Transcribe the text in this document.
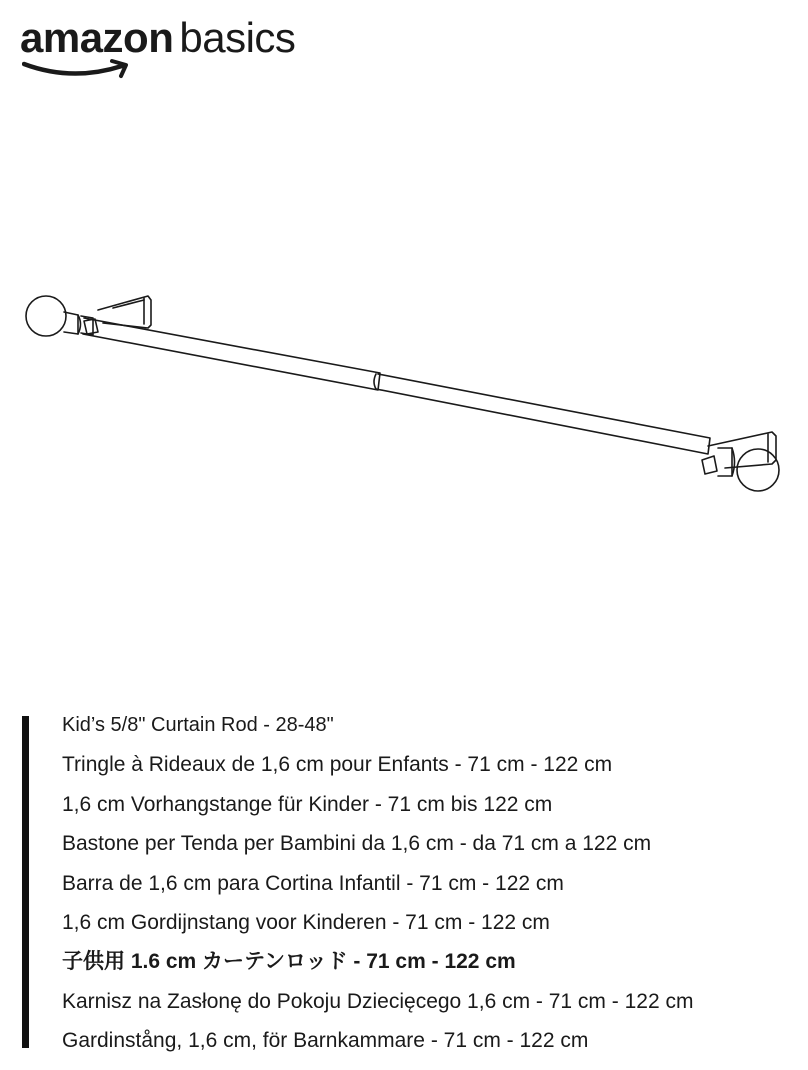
amazon basics
Kid’s 5/8" Curtain Rod - 28-48"
Tringle à Rideaux de 1,6 cm pour Enfants - 71 cm - 122 cm
1,6 cm Vorhangstange für Kinder - 71 cm bis 122 cm
Bastone per Tenda per Bambini da 1,6 cm - da 71 cm a 122 cm
Barra de 1,6 cm para Cortina Infantil - 71 cm - 122 cm
1,6 cm Gordijnstang voor Kinderen - 71 cm - 122 cm
子供用 1.6 cm カーテンロッド - 71 cm - 122 cm
Karnisz na Zasłonę do Pokoju Dziecięcego 1,6 cm - 71 cm - 122 cm
Gardinstång, 1,6 cm, för Barnkammare - 71 cm - 122 cm
